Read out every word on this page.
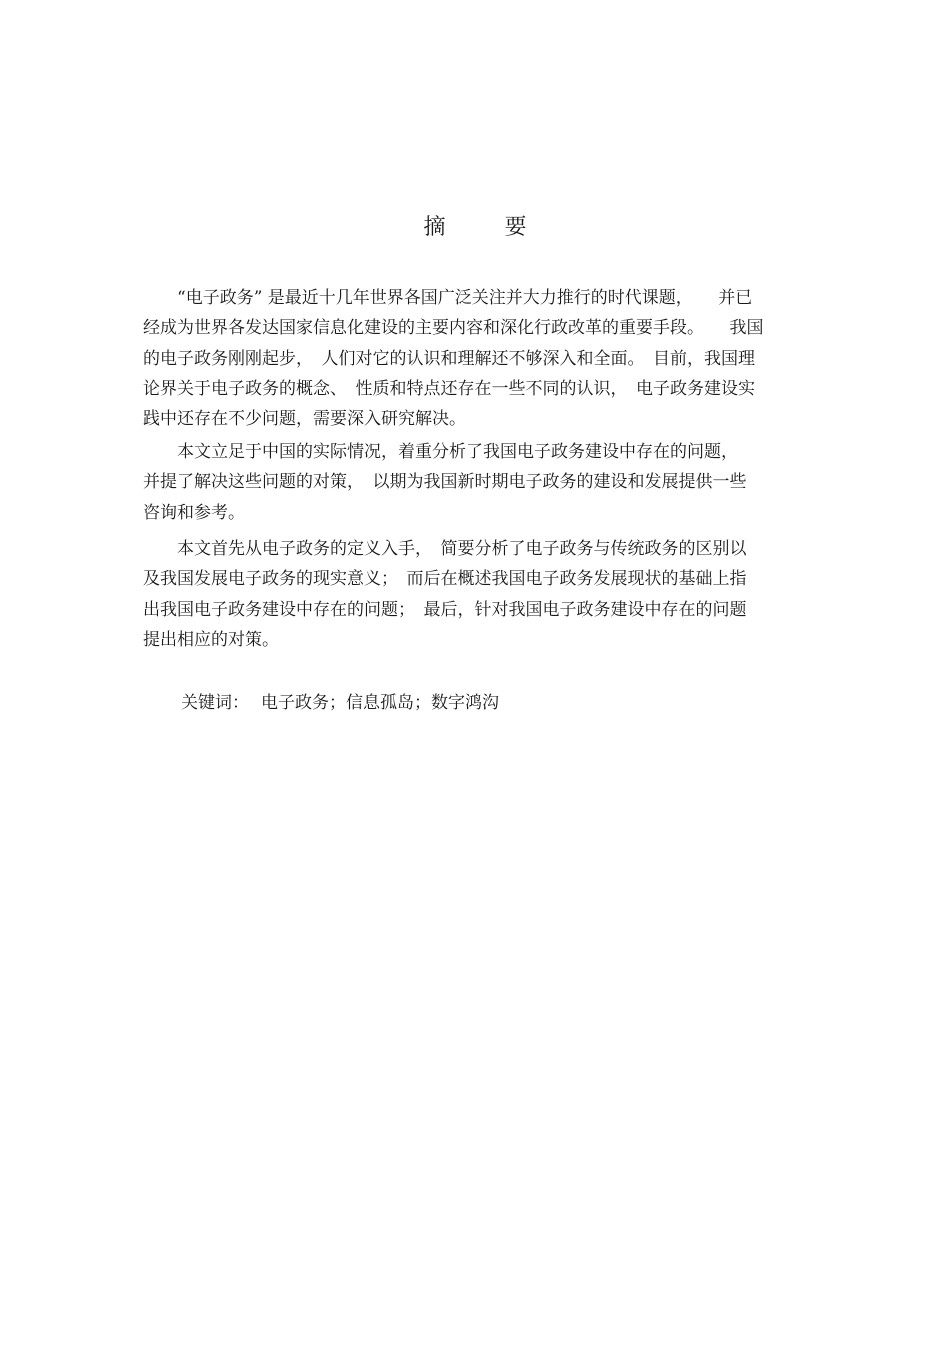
摘 要
　　“电子政务” 是最近十几年世界各国广泛关注并大力推行的时代课题，　　并已
经成为世界各发达国家信息化建设的主要内容和深化行政改革的重要手段。　　我国
的电子政务刚刚起步，　人们对它的认识和理解还不够深入和全面。　目前，我国理
论界关于电子政务的概念、　性质和特点还存在一些不同的认识，　电子政务建设实
践中还存在不少问题，需要深入研究解决。
　　本文立足于中国的实际情况，着重分析了我国电子政务建设中存在的问题，
并提了解决这些问题的对策，　以期为我国新时期电子政务的建设和发展提供一些
咨询和参考。
　　本文首先从电子政务的定义入手，　简要分析了电子政务与传统政务的区别以
及我国发展电子政务的现实意义；　而后在概述我国电子政务发展现状的基础上指
出我国电子政务建设中存在的问题；　最后，针对我国电子政务建设中存在的问题
提出相应的对策。
关键词： 电子政务；信息孤岛；数字鸿沟
